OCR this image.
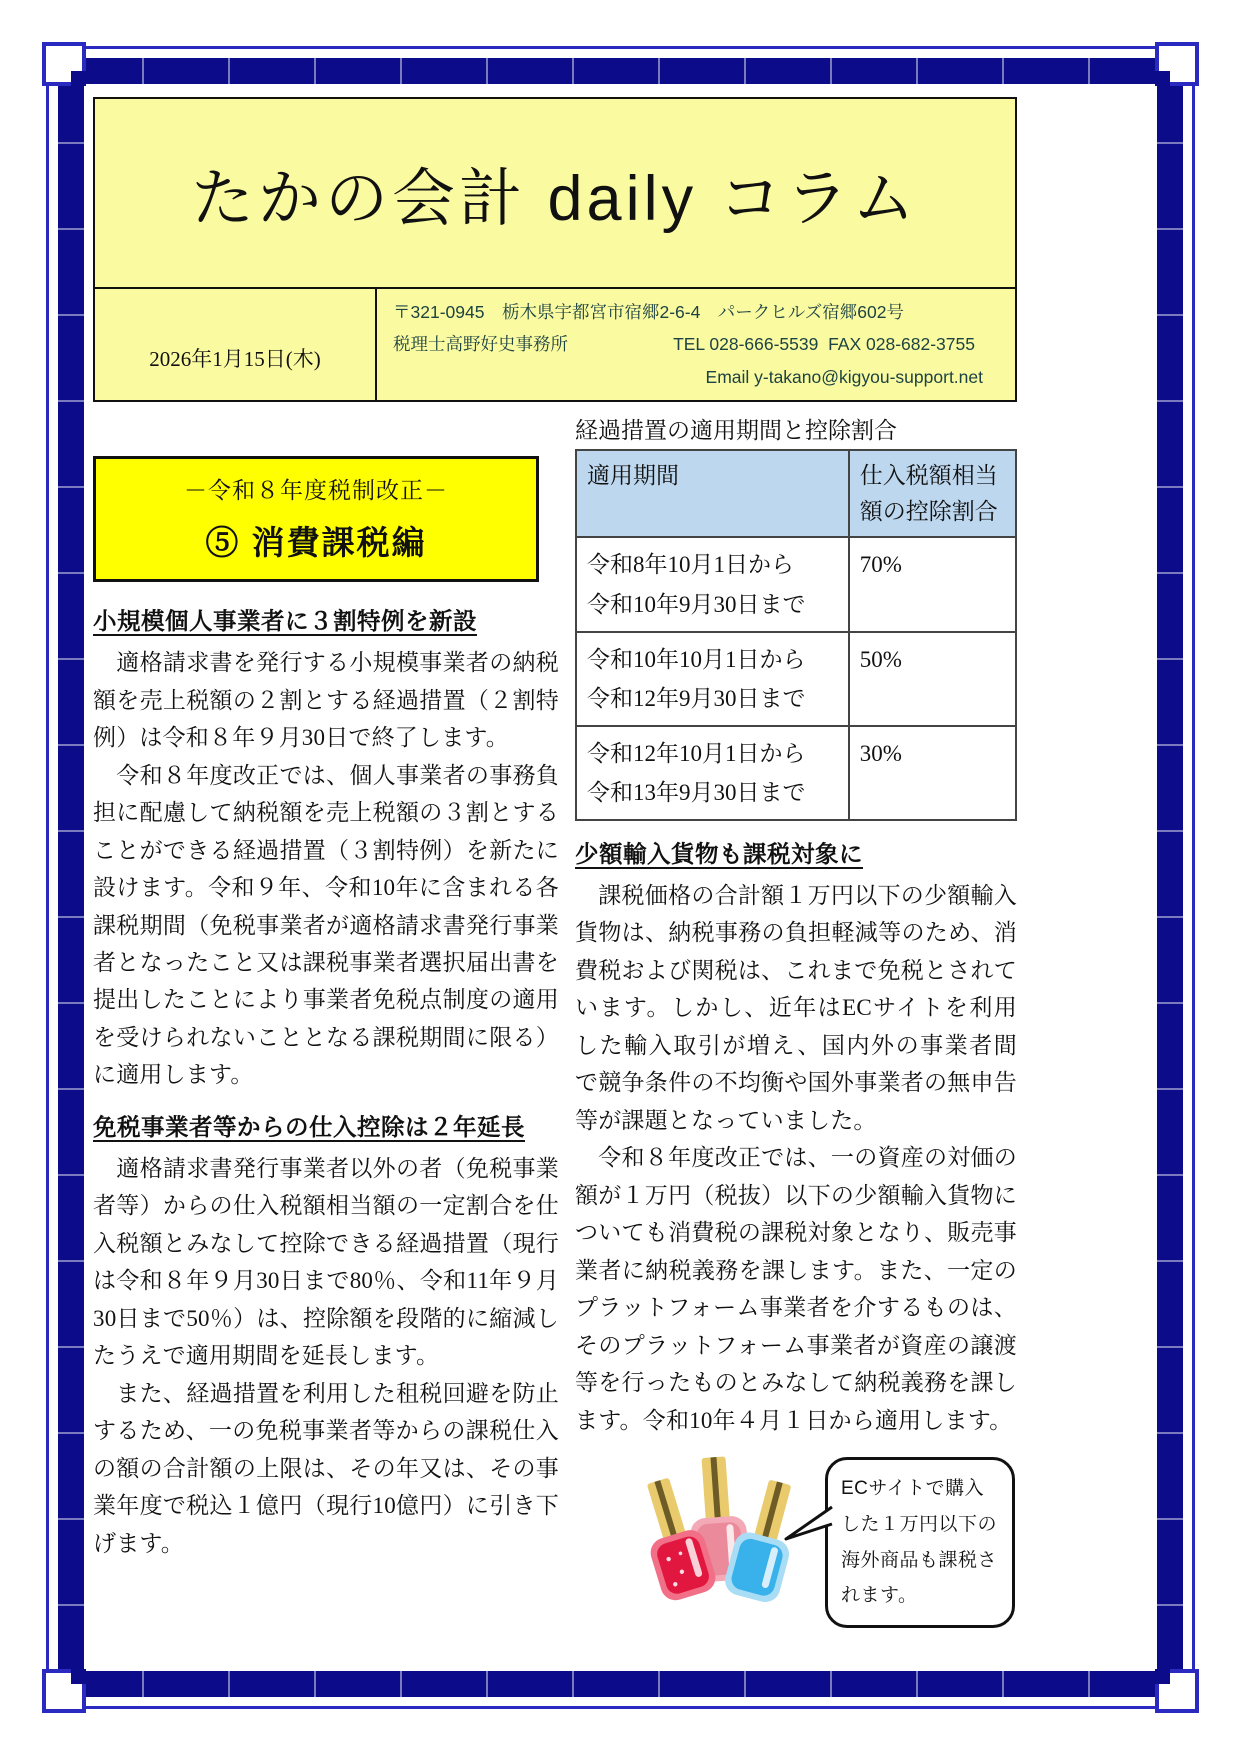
たかの会計 daily コラム
2026年1月15日(木)
〒321-0945　栃木県宇都宮市宿郷2-6-4　パークヒルズ宿郷602号
税理士高野好史事務所	TEL 028-666-5539  FAX 028-682-3755
Email y-takano@kigyou-support.net
－令和８年度税制改正－
⑤ 消費課税編
小規模個人事業者に３割特例を新設

　適格請求書を発行する小規模事業者の納税額を売上税額の２割とする経過措置（２割特例）は令和８年９月30日で終了します。

　令和８年度改正では、個人事業者の事務負担に配慮して納税額を売上税額の３割とすることができる経過措置（３割特例）を新たに設けます。令和９年、令和10年に含まれる各課税期間（免税事業者が適格請求書発行事業者となったこと又は課税事業者選択届出書を提出したことにより事業者免税点制度の適用を受けられないこととなる課税期間に限る）に適用します。

免税事業者等からの仕入控除は２年延長

　適格請求書発行事業者以外の者（免税事業者等）からの仕入税額相当額の一定割合を仕入税額とみなして控除できる経過措置（現行は令和８年９月30日まで80％、令和11年９月30日まで50％）は、控除額を段階的に縮減したうえで適用期間を延長します。

　また、経過措置を利用した租税回避を防止するため、一の免税事業者等からの課税仕入の額の合計額の上限は、その年又は、その事業年度で税込１億円（現行10億円）に引き下げます。

経過措置の適用期間と控除割合
適用期間	仕入税額相当額の控除割合

令和8年10月1日から
令和10年9月30日まで	70%

令和10年10月1日から
令和12年9月30日まで	50%

令和12年10月1日から
令和13年9月30日まで	30%
少額輸入貨物も課税対象に

　課税価格の合計額１万円以下の少額輸入貨物は、納税事務の負担軽減等のため、消費税および関税は、これまで免税とされています。しかし、近年はECサイトを利用した輸入取引が増え、国内外の事業者間で競争条件の不均衡や国外事業者の無申告等が課題となっていました。

　令和８年度改正では、一の資産の対価の額が１万円（税抜）以下の少額輸入貨物についても消費税の課税対象となり、販売事業者に納税義務を課します。また、一定のプラットフォーム事業者を介するものは、そのプラットフォーム事業者が資産の譲渡等を行ったものとみなして納税義務を課します。令和10年４月１日から適用します。

ECサイトで購入した１万円以下の海外商品も課税されます。
